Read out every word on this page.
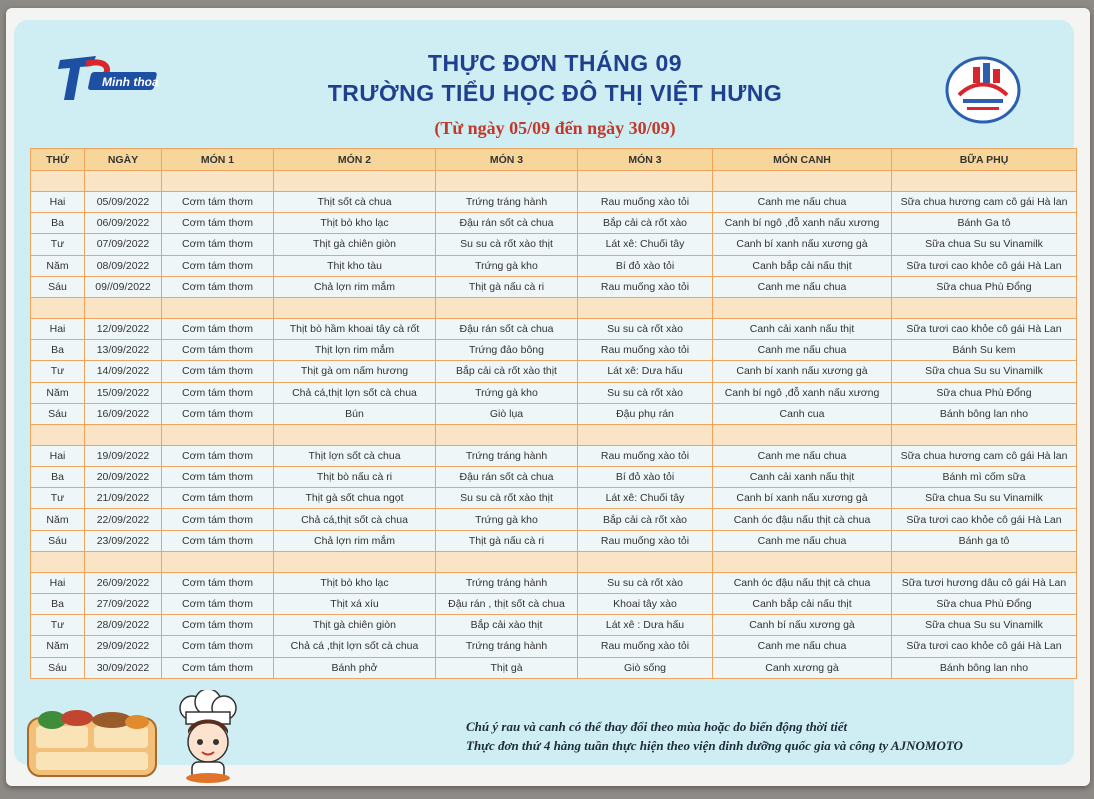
Minh thoa
THỰC ĐƠN THÁNG 09
TRƯỜNG TIỂU HỌC ĐÔ THỊ VIỆT HƯNG
(Từ ngày 05/09 đến ngày 30/09)
THỨ	NGÀY	MÓN 1	MÓN 2	MÓN 3	MÓN 3	MÓN CANH	BỮA PHỤ

Hai	05/09/2022	Cơm tám thơm	Thịt sốt cà chua	Trứng tráng hành	Rau muống xào tỏi	Canh me nấu chua	Sữa chua hương cam cô gái Hà lan
Ba	06/09/2022	Cơm tám thơm	Thịt bò kho lạc	Đậu rán sốt cà chua	Bắp cải cà rốt xào	Canh bí ngô ,đỗ xanh nấu xương	Bánh Ga tô
Tư	07/09/2022	Cơm tám thơm	Thịt gà chiên giòn	Su su cà rốt xào thịt	Lát xê: Chuối tây	Canh bí xanh nấu xương gà	Sữa chua Su su Vinamilk
Năm	08/09/2022	Cơm tám thơm	Thịt kho tàu	Trứng gà kho	Bí đỏ xào tỏi	Canh bắp cải nấu thịt	Sữa tươi cao khỏe cô gái Hà Lan
Sáu	09//09/2022	Cơm tám thơm	Chả lợn rim mắm	Thịt gà nấu cà ri	Rau muống xào tỏi	Canh me nấu chua	Sữa chua Phù Đổng

Hai	12/09/2022	Cơm tám thơm	Thịt bò hầm khoai tây cà rốt	Đậu rán sốt cà chua	Su su cà rốt xào	Canh cải xanh nấu thịt	Sữa tươi cao khỏe cô gái Hà Lan
Ba	13/09/2022	Cơm tám thơm	Thịt lợn rim mắm	Trứng đảo bông	Rau muống xào tỏi	Canh me nấu chua	Bánh Su kem
Tư	14/09/2022	Cơm tám thơm	Thịt gà om nấm hương	Bắp cải cà rốt xào thịt	Lát xê: Dưa hấu	Canh bí xanh nấu xương gà	Sữa chua Su su Vinamilk
Năm	15/09/2022	Cơm tám thơm	Chả cá,thịt lợn sốt cà chua	Trứng gà kho	Su su cà rốt xào	Canh bí ngô ,đỗ xanh nấu xương	Sữa chua Phù Đổng
Sáu	16/09/2022	Cơm tám thơm	Bún	Giò lụa	Đậu phụ rán	Canh cua	Bánh bông lan nho

Hai	19/09/2022	Cơm tám thơm	Thịt lợn sốt cà chua	Trứng tráng hành	Rau muống xào tỏi	Canh me nấu chua	Sữa chua hương cam cô gái Hà lan
Ba	20/09/2022	Cơm tám thơm	Thịt bò nấu cà ri	Đậu rán sốt cà chua	Bí đỏ xào tỏi	Canh cải xanh nấu thịt	Bánh mì cốm sữa
Tư	21/09/2022	Cơm tám thơm	Thịt gà sốt chua ngọt	Su su cà rốt xào thịt	Lát xê: Chuối tây	Canh bí xanh nấu xương gà	Sữa chua Su su Vinamilk
Năm	22/09/2022	Cơm tám thơm	Chả cá,thịt sốt cà chua	Trứng gà kho	Bắp cải cà rốt xào	Canh óc đậu nấu thịt cà chua	Sữa tươi cao khỏe cô gái Hà Lan
Sáu	23/09/2022	Cơm tám thơm	Chả lợn rim mắm	Thịt gà nấu cà ri	Rau muống xào tỏi	Canh me nấu chua	Bánh ga tô

Hai	26/09/2022	Cơm tám thơm	Thịt bò kho lạc	Trứng tráng hành	Su su cà rốt xào	Canh óc đậu nấu thịt cà chua	Sữa tươi hương dâu cô gái Hà Lan
Ba	27/09/2022	Cơm tám thơm	Thịt xá xíu	Đậu rán , thịt sốt cà chua	Khoai tây xào	Canh bắp cải nấu thịt	Sữa chua Phù Đổng
Tư	28/09/2022	Cơm tám thơm	Thịt gà chiên giòn	Bắp cải xào thịt	Lát xê : Dưa hấu	Canh bí nấu xương gà	Sữa chua Su su Vinamilk
Năm	29/09/2022	Cơm tám thơm	Chả cá ,thịt lợn sốt cà chua	Trứng tráng hành	Rau muống xào tỏi	Canh me nấu chua	Sữa tươi cao khỏe cô gái Hà Lan
Sáu	30/09/2022	Cơm tám thơm	Bánh phở	Thịt gà	Giò sống	Canh xương gà	Bánh bông lan nho
Chú ý rau và canh có thể thay đổi theo mùa hoặc do biến động thời tiết
Thực đơn thứ 4 hàng tuần thực hiện theo viện dinh dưỡng quốc gia và công ty AJNOMOTO
